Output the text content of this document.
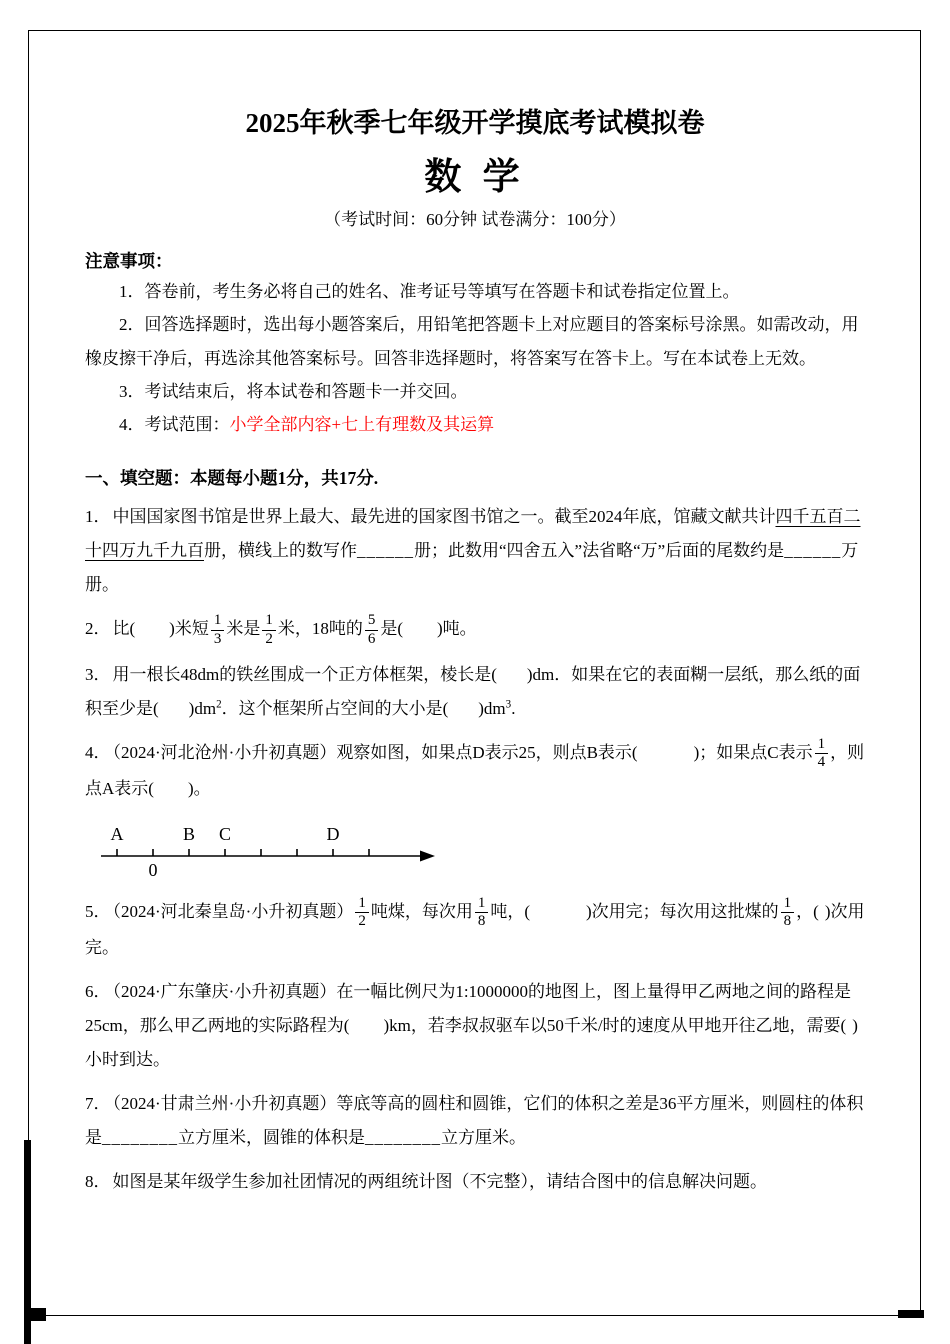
2025年秋季七年级开学摸底考试模拟卷
数 学
（考试时间：60分钟 试卷满分：100分）
注意事项：

1．答卷前，考生务必将自己的姓名、准考证号等填写在答题卡和试卷指定位置上。

2．回答选择题时，选出每小题答案后，用铅笔把答题卡上对应题目的答案标号涂黑。如需改动，用橡皮擦干净后，再选涂其他答案标号。回答非选择题时，将答案写在答卡上。写在本试卷上无效。

3．考试结束后，将本试卷和答题卡一并交回。

4．考试范围：小学全部内容+七上有理数及其运算

一、填空题：本题每小题1分，共17分.

1． 中国国家图书馆是世界上最大、最先进的国家图书馆之一。截至2024年底，馆藏文献共计四千五百二十四万九千九百册，横线上的数写作______册；此数用“四舍五入”法省略“万”后面的尾数约是______万册。

2． 比( )米短 $\frac{1}{3}$ 米是 $\frac{1}{2}$ 米，18吨的 $\frac{5}{6}$ 是( )吨。

3． 用一根长48dm的铁丝围成一个正方体框架，棱长是( )dm．如果在它的表面糊一层纸，那么纸的面积至少是( )$dm^2$．这个框架所占空间的大小是( )$dm^3$.

4． （2024·河北沧州·小升初真题）观察如图，如果点D表示25，则点B表示(	)；如果点C表示 $\frac{1}{4}$ ，则点A表示( )。

A	B C	D
0

5． （2024·河北秦皇岛·小升初真题） $\frac{1}{2}$ 吨煤，每次用 $\frac{1}{8}$ 吨，(	)次用完；每次用这批煤的 $\frac{1}{8}$ ，( )次用完。

6． （2024·广东肇庆·小升初真题）在一幅比例尺为1:1000000的地图上，图上量得甲乙两地之间的路程是25cm，那么甲乙两地的实际路程为( )km，若李叔叔驱车以50千米/时的速度从甲地开往乙地，需要( )小时到达。

7． （2024·甘肃兰州·小升初真题）等底等高的圆柱和圆锥，它们的体积之差是36平方厘米，则圆柱的体积是________立方厘米，圆锥的体积是________立方厘米。

8． 如图是某年级学生参加社团情况的两组统计图（不完整），请结合图中的信息解决问题。
